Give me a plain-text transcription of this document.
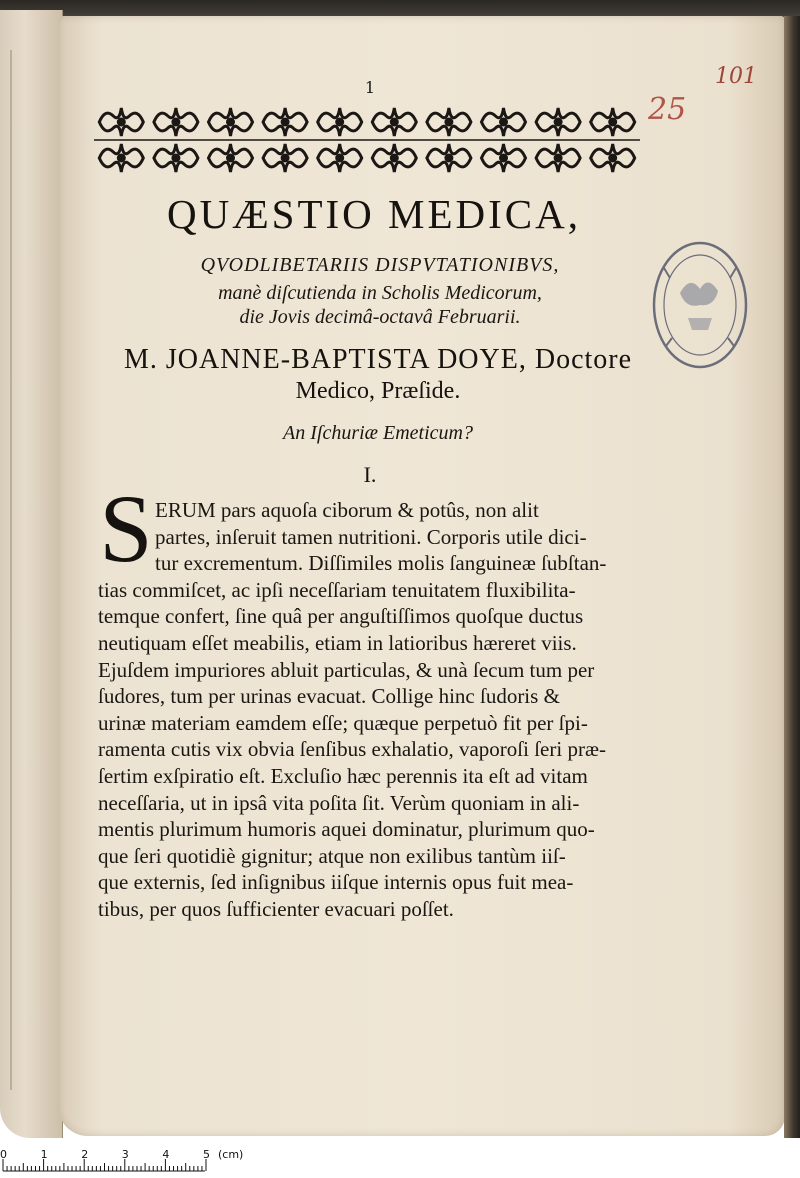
1	101
25
QUÆSTIO MEDICA,
QVODLIBETARIIS DISPVTATIONIBVS,
manè diſcutienda in Scholis Medicorum,
die Jovis decimâ-octavâ Februarii.
M. JOANNE-BAPTISTA DOYE, Doctore
Medico, Præſide.
An Iſchuriæ Emeticum?
I.
S ERUM pars aquoſa ciborum & potûs, non alit
partes, inſeruit tamen nutritioni. Corporis utile dici-
tur excrementum. Diſſimiles molis ſanguineæ ſubſtan-
tias commiſcet, ac ipſi neceſſariam tenuitatem fluxibilita-
temque confert, ſine quâ per anguſtiſſimos quoſque ductus
neutiquam eſſet meabilis, etiam in latioribus hæreret viis.
Ejuſdem impuriores abluit particulas, & unà ſecum tum per
ſudores, tum per urinas evacuat. Collige hinc ſudoris &
urinæ materiam eamdem eſſe; quæque perpetuò fit per ſpi-
ramenta cutis vix obvia ſenſibus exhalatio, vaporoſi ſeri præ-
ſertim exſpiratio eſt. Excluſio hæc perennis ita eſt ad vitam
neceſſaria, ut in ipsâ vita poſita ſit. Verùm quoniam in ali-
mentis plurimum humoris aquei dominatur, plurimum quo-
que ſeri quotidiè gignitur; atque non exilibus tantùm iiſ-
que externis, ſed inſignibus iiſque internis opus fuit mea-
tibus, per quos ſufficienter evacuari poſſet.
0	1	2	3	4	5 (cm)
